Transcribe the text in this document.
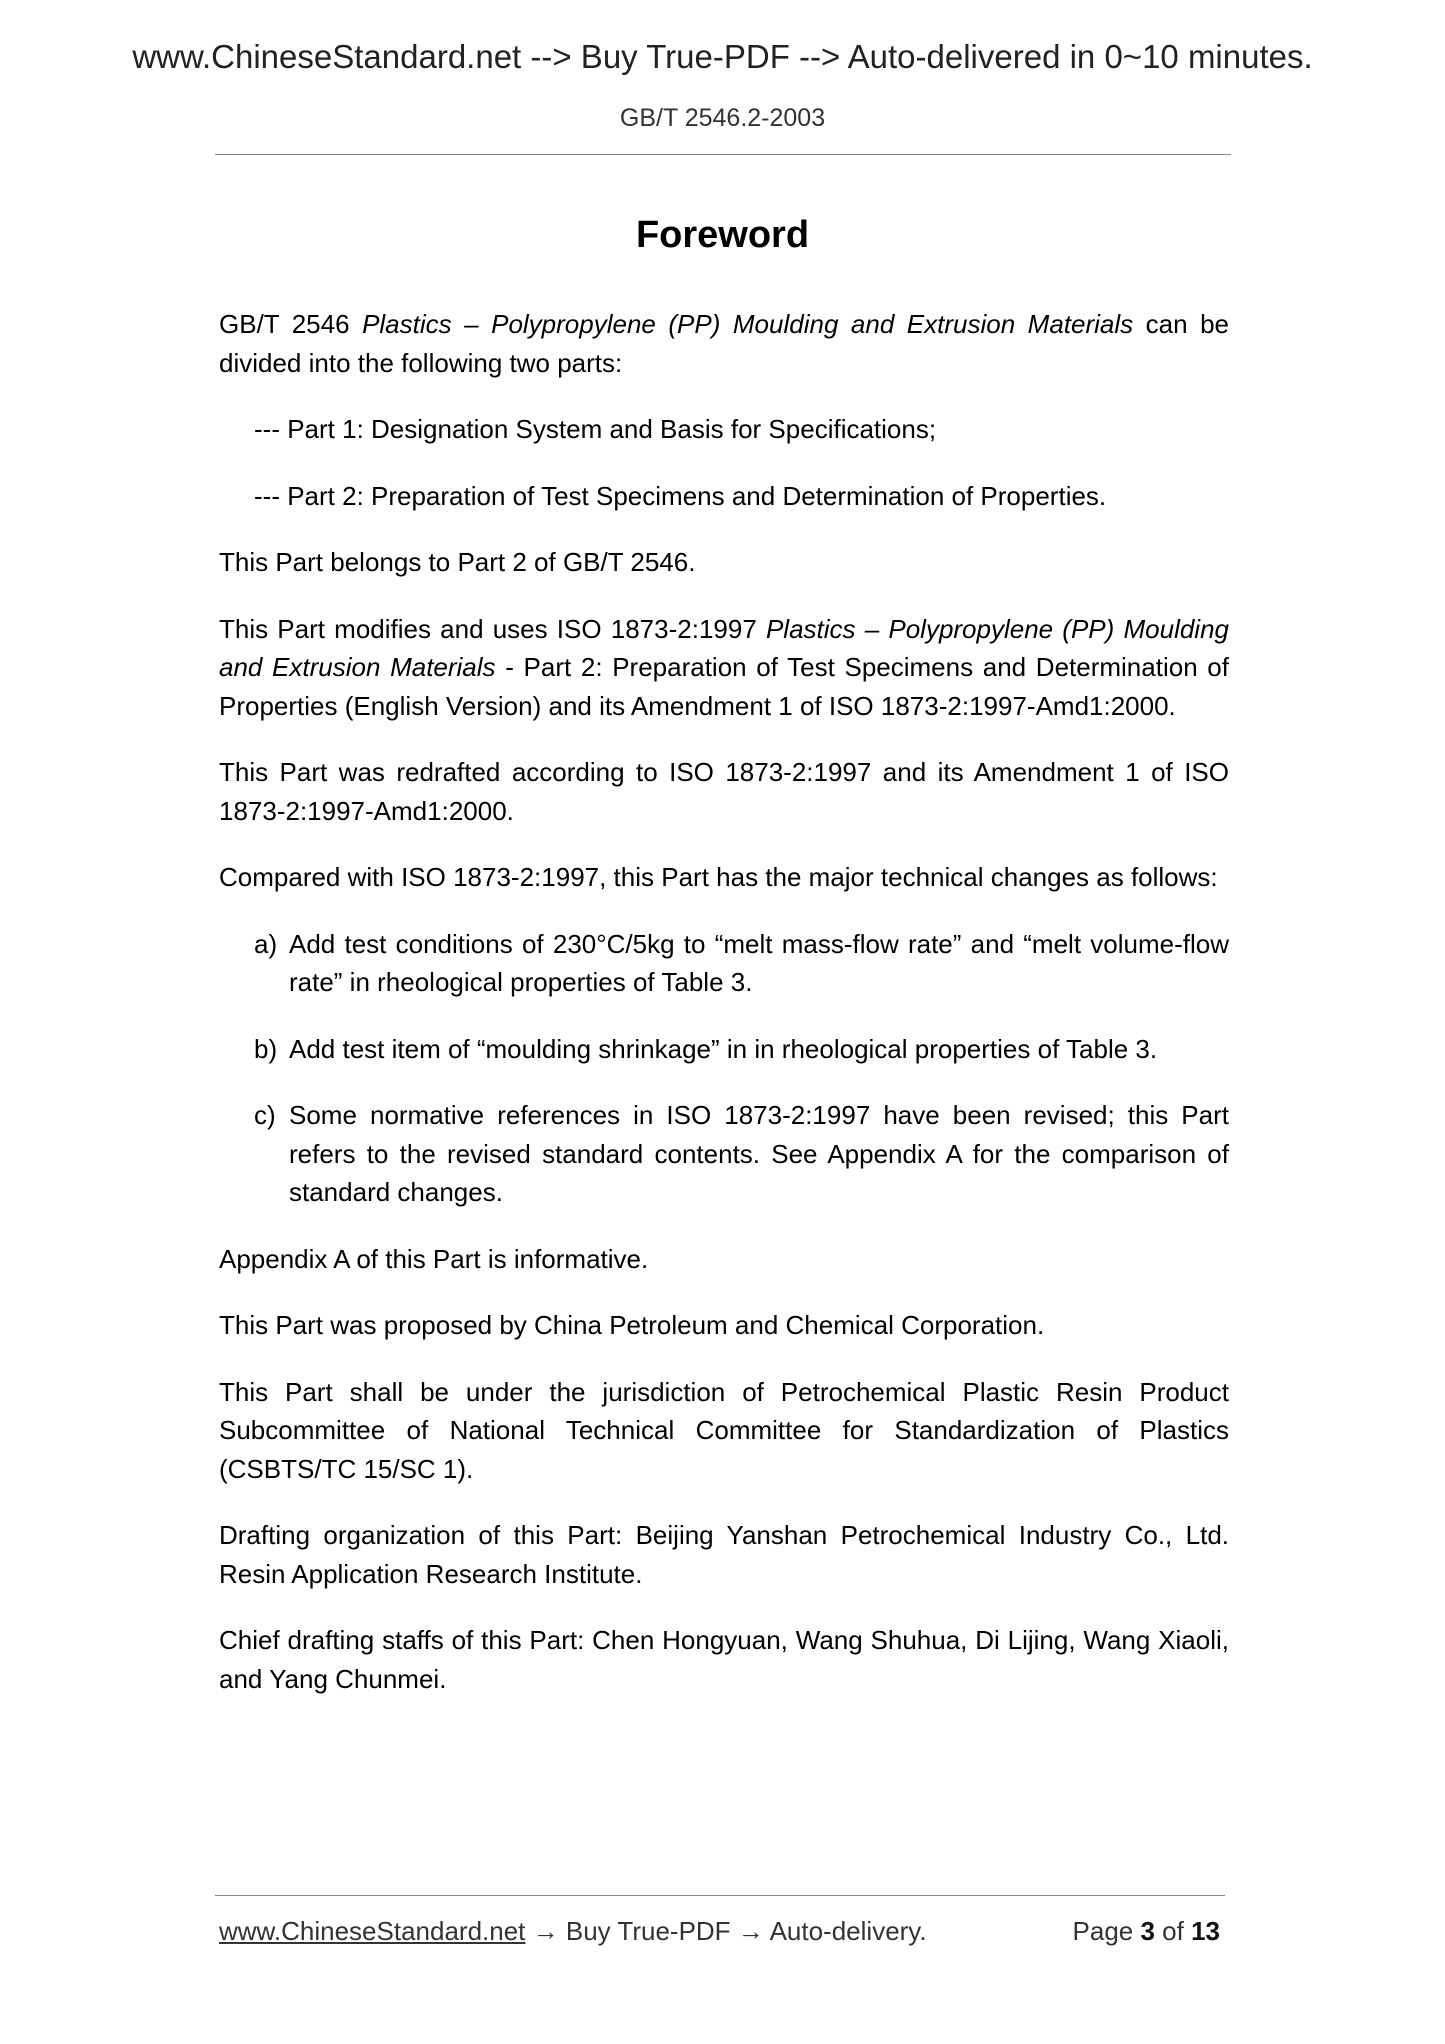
www.ChineseStandard.net --> Buy True-PDF --> Auto-delivered in 0~10 minutes.
GB/T 2546.2-2003
Foreword

GB/T 2546 Plastics – Polypropylene (PP) Moulding and Extrusion Materials can be divided into the following two parts:

--- Part 1: Designation System and Basis for Specifications;

--- Part 2: Preparation of Test Specimens and Determination of Properties.

This Part belongs to Part 2 of GB/T 2546.

This Part modifies and uses ISO 1873-2:1997 Plastics – Polypropylene (PP) Moulding and Extrusion Materials - Part 2: Preparation of Test Specimens and Determination of Properties (English Version) and its Amendment 1 of ISO 1873-2:1997-Amd1:2000.

This Part was redrafted according to ISO 1873-2:1997 and its Amendment 1 of ISO 1873-2:1997-Amd1:2000.

Compared with ISO 1873-2:1997, this Part has the major technical changes as follows:

a) Add test conditions of 230°C/5kg to “melt mass-flow rate” and “melt volume-flow rate” in rheological properties of Table 3.
b) Add test item of “moulding shrinkage” in in rheological properties of Table 3.
c) Some normative references in ISO 1873-2:1997 have been revised; this Part refers to the revised standard contents. See Appendix A for the comparison of standard changes.

Appendix A of this Part is informative.

This Part was proposed by China Petroleum and Chemical Corporation.

This Part shall be under the jurisdiction of Petrochemical Plastic Resin Product Subcommittee of National Technical Committee for Standardization of Plastics (CSBTS/TC 15/SC 1).

Drafting organization of this Part: Beijing Yanshan Petrochemical Industry Co., Ltd. Resin Application Research Institute.

Chief drafting staffs of this Part: Chen Hongyuan, Wang Shuhua, Di Lijing, Wang Xiaoli, and Yang Chunmei.

www.ChineseStandard.net → Buy True-PDF → Auto-delivery.	Page 3 of 13
